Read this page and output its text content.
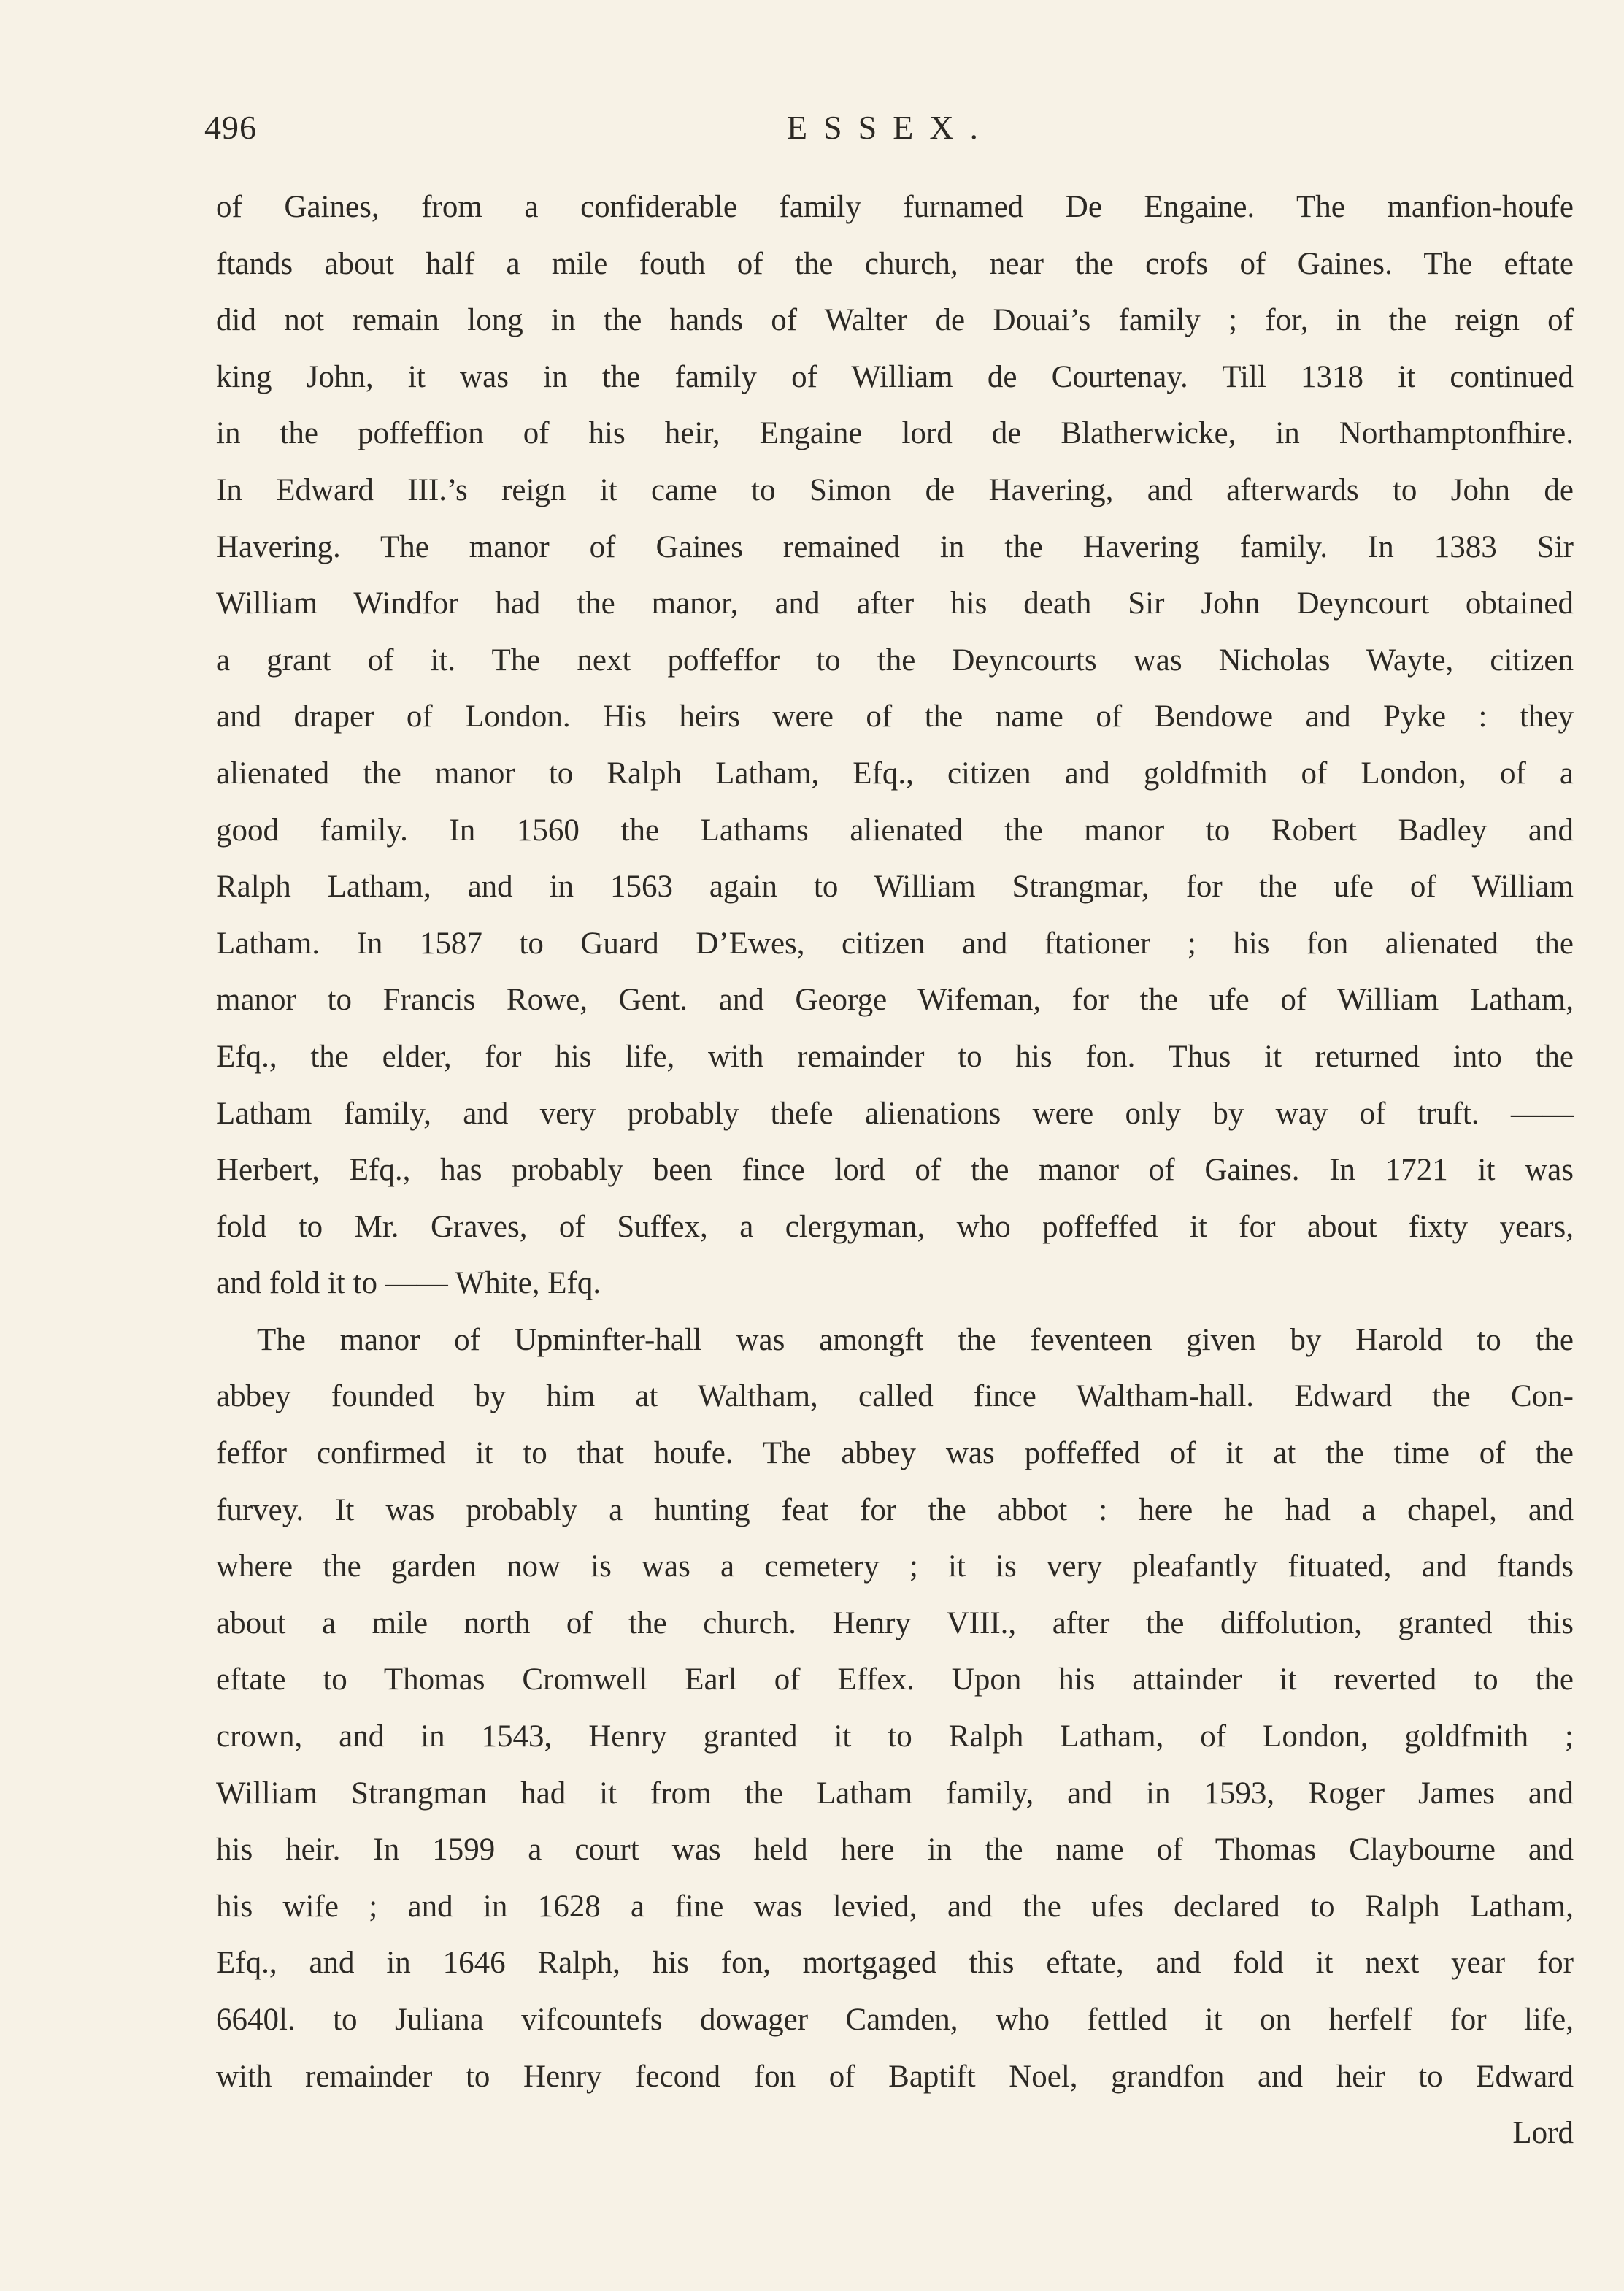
496	ESSEX.
of Gaines, from a confiderable family furnamed De Engaine. The manfion-houfe
ftands about half a mile fouth of the church, near the crofs of Gaines. The eftate
did not remain long in the hands of Walter de Douai’s family ; for, in the reign of
king John, it was in the family of William de Courtenay. Till 1318 it continued
in the poffeffion of his heir, Engaine lord de Blatherwicke, in Northamptonfhire.
In Edward III.’s reign it came to Simon de Havering, and afterwards to John de
Havering. The manor of Gaines remained in the Havering family. In 1383 Sir
William Windfor had the manor, and after his death Sir John Deyncourt obtained
a grant of it. The next poffeffor to the Deyncourts was Nicholas Wayte, citizen
and draper of London. His heirs were of the name of Bendowe and Pyke : they
alienated the manor to Ralph Latham, Efq., citizen and goldfmith of London, of a
good family. In 1560 the Lathams alienated the manor to Robert Badley and
Ralph Latham, and in 1563 again to William Strangmar, for the ufe of William
Latham. In 1587 to Guard D’Ewes, citizen and ftationer ; his fon alienated the
manor to Francis Rowe, Gent. and George Wifeman, for the ufe of William Latham,
Efq., the elder, for his life, with remainder to his fon. Thus it returned into the
Latham family, and very probably thefe alienations were only by way of truft. ——
Herbert, Efq., has probably been fince lord of the manor of Gaines. In 1721 it was
fold to Mr. Graves, of Suffex, a clergyman, who poffeffed it for about fixty years,
and fold it to —— White, Efq.
The manor of Upminfter-hall was amongft the feventeen given by Harold to the
abbey founded by him at Waltham, called fince Waltham-hall. Edward the Con-
feffor confirmed it to that houfe. The abbey was poffeffed of it at the time of the
furvey. It was probably a hunting feat for the abbot : here he had a chapel, and
where the garden now is was a cemetery ; it is very pleafantly fituated, and ftands
about a mile north of the church. Henry VIII., after the diffolution, granted this
eftate to Thomas Cromwell Earl of Effex. Upon his attainder it reverted to the
crown, and in 1543, Henry granted it to Ralph Latham, of London, goldfmith ;
William Strangman had it from the Latham family, and in 1593, Roger James and
his heir. In 1599 a court was held here in the name of Thomas Claybourne and
his wife ; and in 1628 a fine was levied, and the ufes declared to Ralph Latham,
Efq., and in 1646 Ralph, his fon, mortgaged this eftate, and fold it next year for
6640l. to Juliana vifcountefs dowager Camden, who fettled it on herfelf for life,
with remainder to Henry fecond fon of Baptift Noel, grandfon and heir to Edward
Lord
